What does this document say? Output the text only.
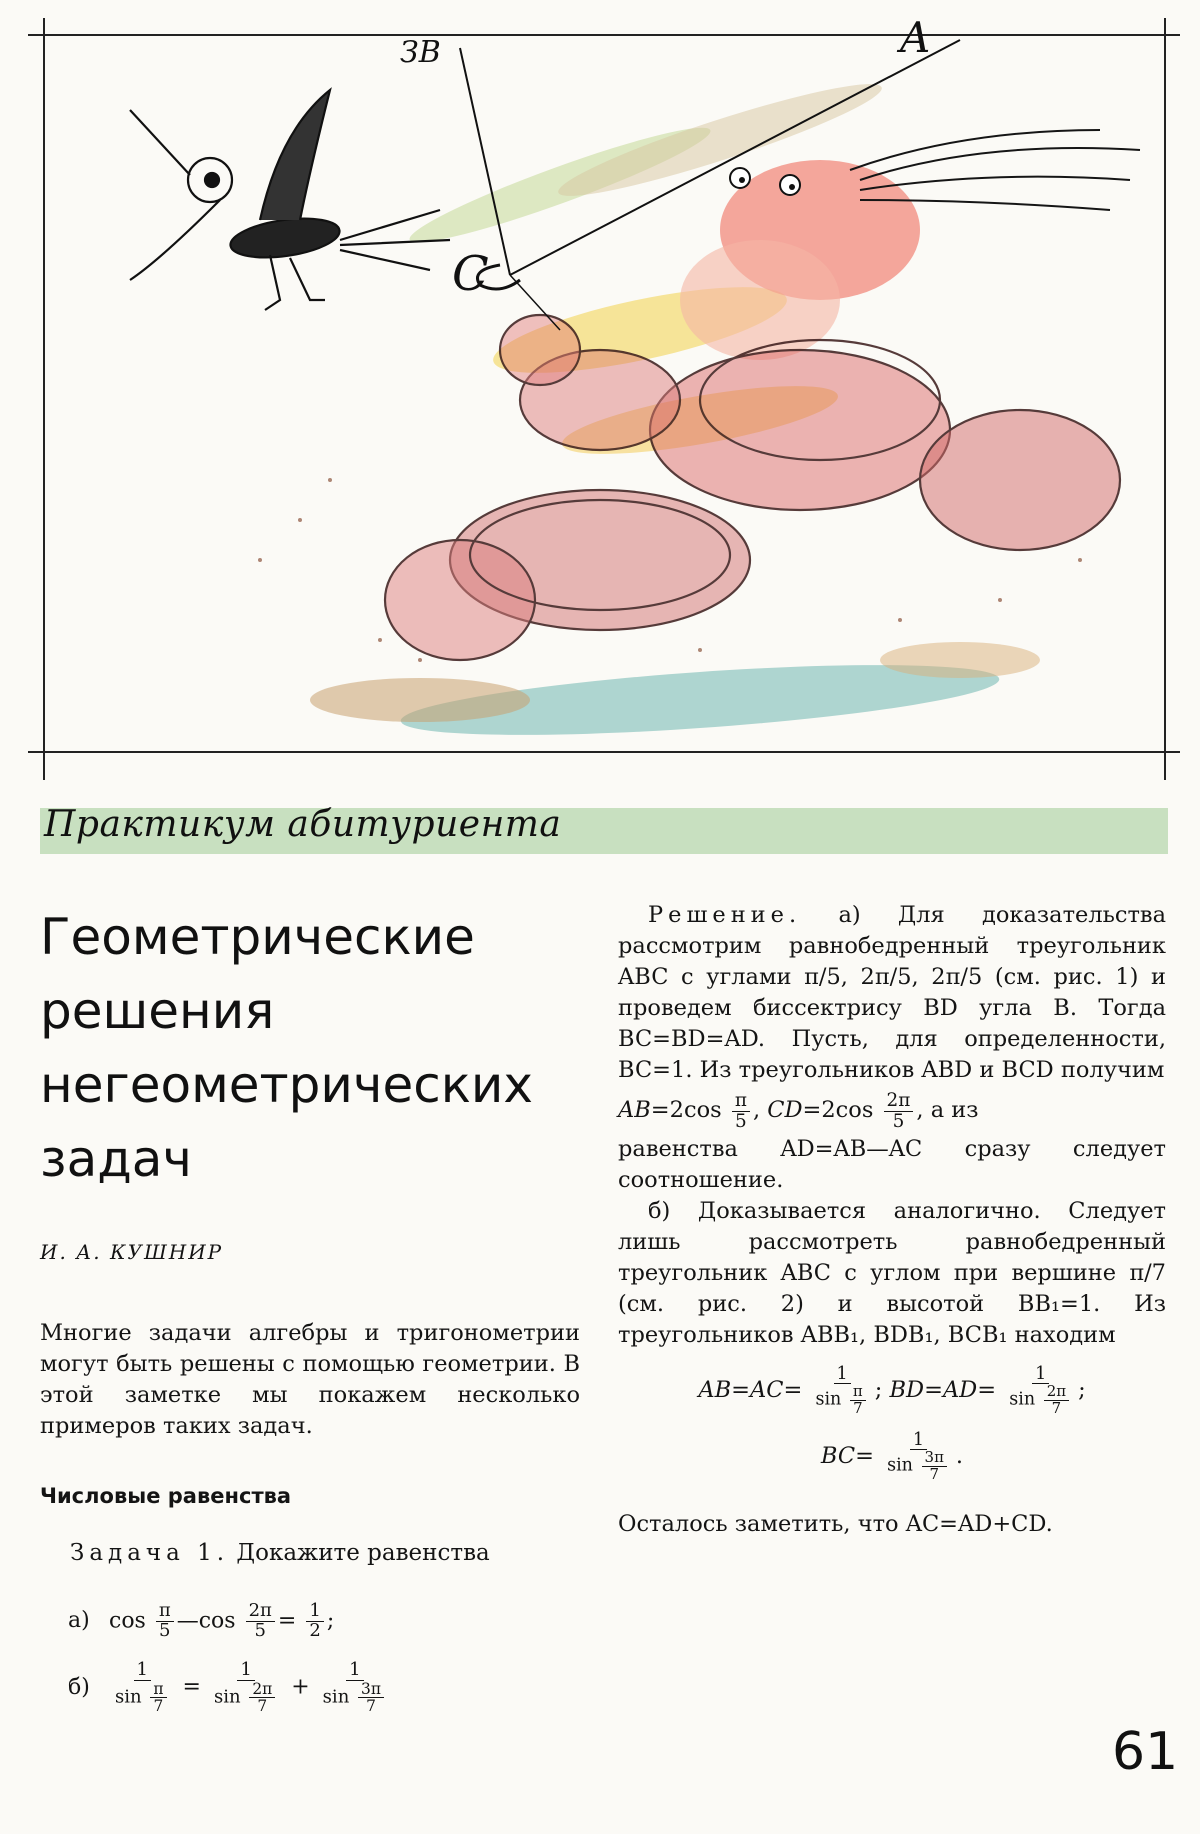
ЗВ	A
C
Практикум абитуриента
Геометрические решения негеометрических задач
И. А. КУШНИР

Многие задачи алгебры и тригонометрии могут быть решены с помощью геометрии. В этой заметке мы покажем несколько примеров таких задач.

Числовые равенства
Задача 1. Докажите равенства
а) $\cos \frac{\pi}{5}$ —cos $\frac{2\pi}{5} = \frac{1}{2}$ ;
$б) \frac{1}{\sin \frac{\pi}{7}} = \frac{1}{\sin \frac{2\pi}{7}} + \frac{1}{\sin \frac{3\pi}{7}}$

Решение. а) Для доказательства рассмотрим равнобедренный треугольник ABC с углами π/5, 2π/5, 2π/5 (см. рис. 1) и проведем биссектрису BD угла B. Тогда BC=BD=AD. Пусть, для определенности, BC=1. Из треугольников ABD и BCD получим

$AB=2\cos \frac{\pi}{5}$ , $CD=2\cos \frac{2\pi}{5}$ , а из

равенства AD=AB—AC сразу следует соотношение.

б) Доказывается аналогично. Следует лишь рассмотреть равнобедренный треугольник ABC с углом при вершине π/7 (см. рис. 2) и высотой BB₁=1. Из треугольников ABB₁, BDB₁, BCB₁ находим

$AB=AC= \frac{1}{\sin \frac{\pi}{7}}$ ; $BD=AD= \frac{1}{\sin \frac{2\pi}{7}}$ ;
$BC= \frac{1}{\sin \frac{3\pi}{7}}$ .

Осталось заметить, что AC=AD+CD.

61
